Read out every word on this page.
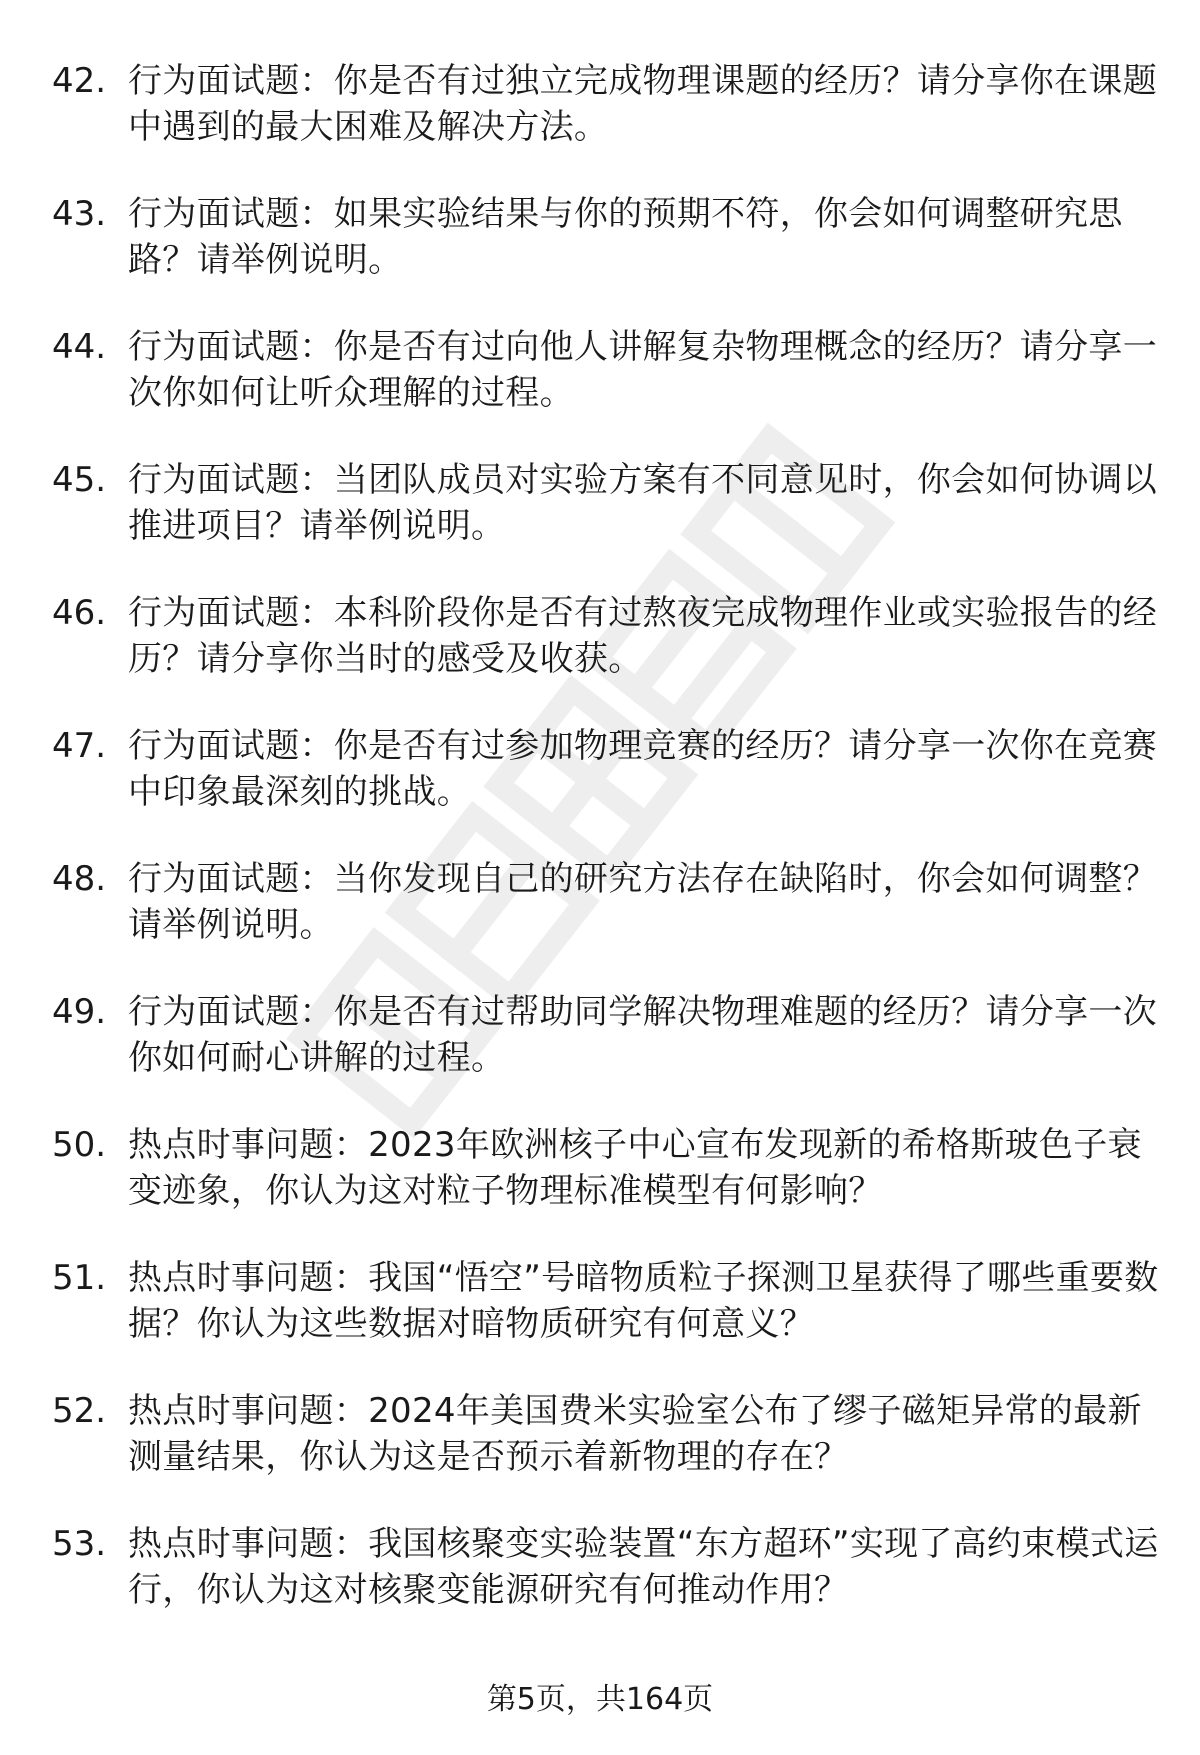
42. 行为面试题：你是否有过独立完成物理课题的经历？请分享你在课题中遇到的最大困难及解决方法。
43. 行为面试题：如果实验结果与你的预期不符，你会如何调整研究思路？请举例说明。
44. 行为面试题：你是否有过向他人讲解复杂物理概念的经历？请分享一次你如何让听众理解的过程。
45. 行为面试题：当团队成员对实验方案有不同意见时，你会如何协调以推进项目？请举例说明。
46. 行为面试题：本科阶段你是否有过熬夜完成物理作业或实验报告的经历？请分享你当时的感受及收获。
47. 行为面试题：你是否有过参加物理竞赛的经历？请分享一次你在竞赛中印象最深刻的挑战。
48. 行为面试题：当你发现自己的研究方法存在缺陷时，你会如何调整？请举例说明。
49. 行为面试题：你是否有过帮助同学解决物理难题的经历？请分享一次你如何耐心讲解的过程。
50. 热点时事问题：2023年欧洲核子中心宣布发现新的希格斯玻色子衰变迹象，你认为这对粒子物理标准模型有何影响？
51. 热点时事问题：我国“悟空”号暗物质粒子探测卫星获得了哪些重要数据？你认为这些数据对暗物质研究有何意义？
52. 热点时事问题：2024年美国费米实验室公布了缪子磁矩异常的最新测量结果，你认为这是否预示着新物理的存在？
53. 热点时事问题：我国核聚变实验装置“东方超环”实现了高约束模式运行，你认为这对核聚变能源研究有何推动作用？
第5页，共164页
